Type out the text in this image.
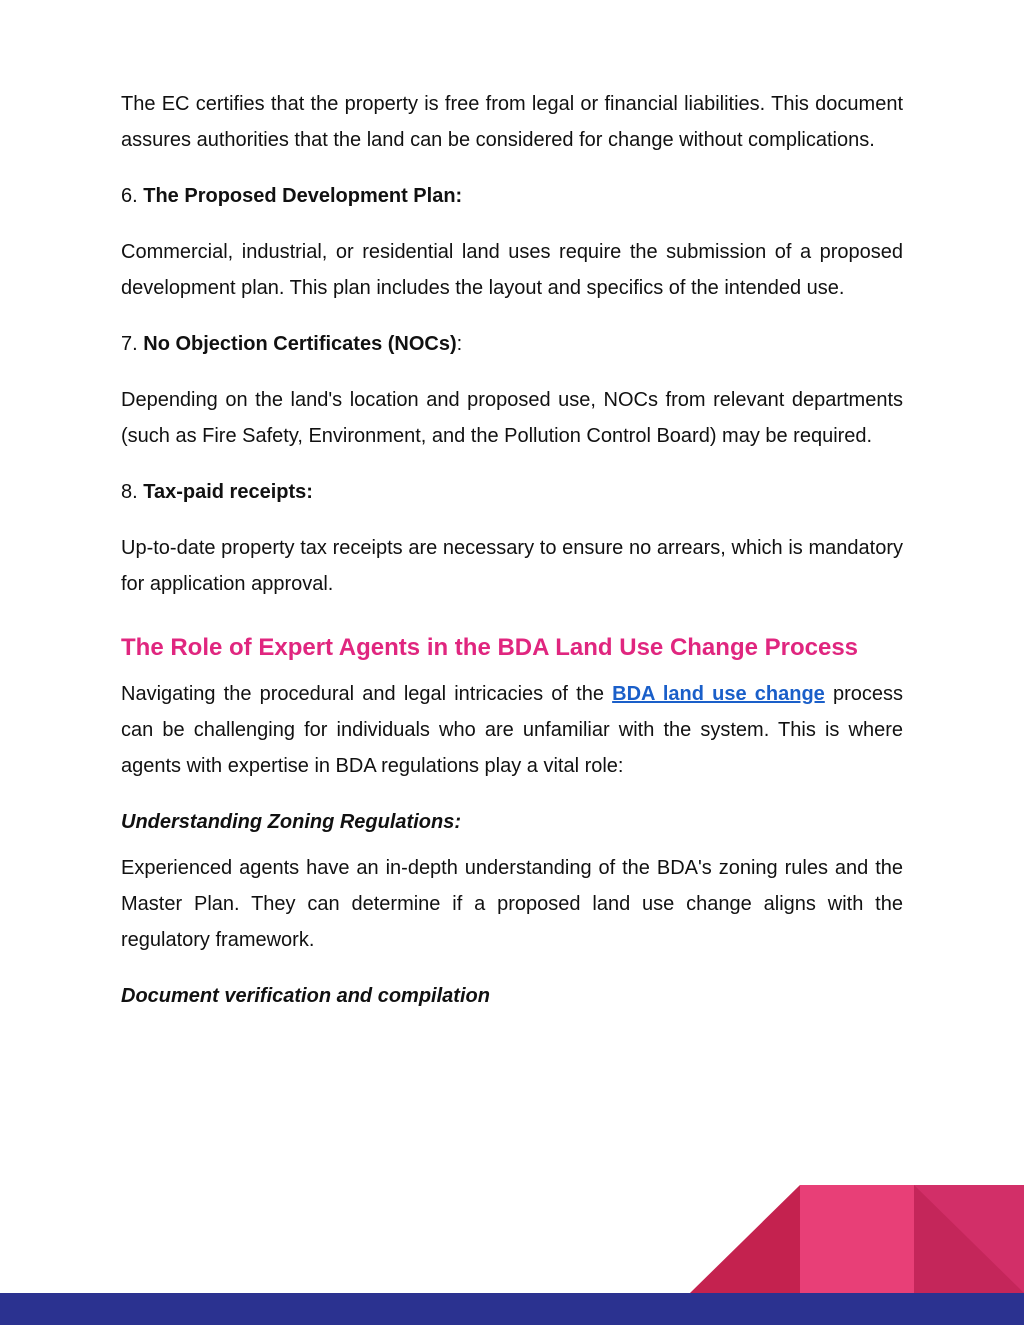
The EC certifies that the property is free from legal or financial liabilities. This document assures authorities that the land can be considered for change without complications.

6. The Proposed Development Plan:

Commercial, industrial, or residential land uses require the submission of a proposed development plan. This plan includes the layout and specifics of the intended use.

7. No Objection Certificates (NOCs):

Depending on the land's location and proposed use, NOCs from relevant departments (such as Fire Safety, Environment, and the Pollution Control Board) may be required.

8. Tax-paid receipts:

Up-to-date property tax receipts are necessary to ensure no arrears, which is mandatory for application approval.

The Role of Expert Agents in the BDA Land Use Change Process

Navigating the procedural and legal intricacies of the BDA land use change process can be challenging for individuals who are unfamiliar with the system. This is where agents with expertise in BDA regulations play a vital role:

Understanding Zoning Regulations:

Experienced agents have an in-depth understanding of the BDA's zoning rules and the Master Plan. They can determine if a proposed land use change aligns with the regulatory framework.

Document verification and compilation
